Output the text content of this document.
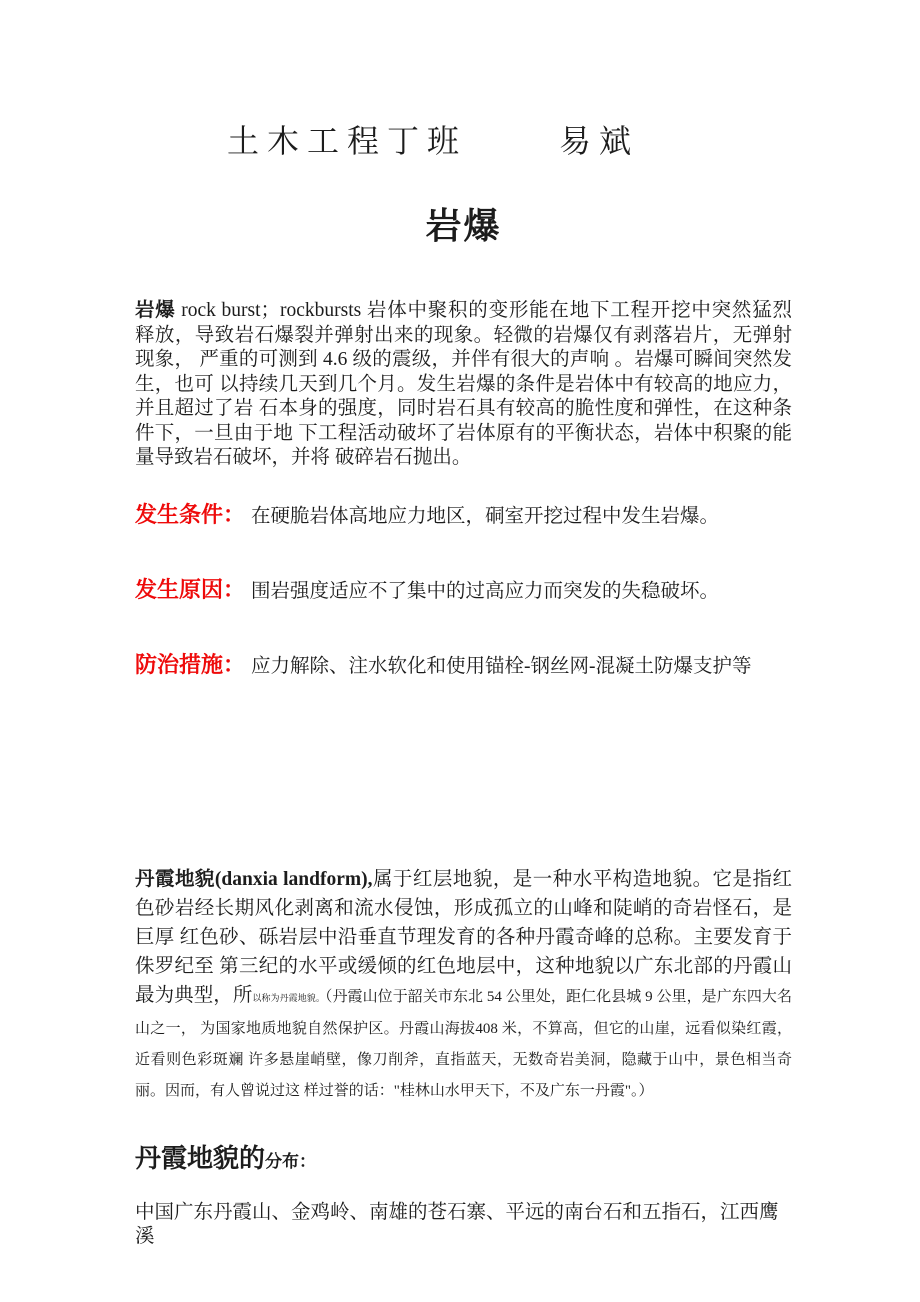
土木工程丁班	易斌
岩爆

岩爆 rock burst；rockbursts 岩体中聚积的变形能在地下工程开挖中突然猛烈释放，导致岩石爆裂并弹射出来的现象。轻微的岩爆仅有剥落岩片，无弹射现象， 严重的可测到 4.6 级的震级，并伴有很大的声响 。岩爆可瞬间突然发生，也可 以持续几天到几个月。发生岩爆的条件是岩体中有较高的地应力，并且超过了岩 石本身的强度，同时岩石具有较高的脆性度和弹性，在这种条件下，一旦由于地 下工程活动破坏了岩体原有的平衡状态，岩体中积聚的能量导致岩石破坏，并将 破碎岩石抛出。

发生条件： 在硬脆岩体高地应力地区，硐室开挖过程中发生岩爆。
发生原因： 围岩强度适应不了集中的过高应力而突发的失稳破坏。
防治措施： 应力解除、注水软化和使用锚栓-钢丝网-混凝土防爆支护等

丹霞地貌(danxia landform),属于红层地貌，是一种水平构造地貌。它是指红 色砂岩经长期风化剥离和流水侵蚀，形成孤立的山峰和陡峭的奇岩怪石，是巨厚 红色砂、砾岩层中沿垂直节理发育的各种丹霞奇峰的总称。主要发育于侏罗纪至 第三纪的水平或缓倾的红色地层中，这种地貌以广东北部的丹霞山最为典型，所以称为丹霞地貌。（丹霞山位于韶关市东北 54 公里处，距仁化县城 9 公里，是广东四大名山之一， 为国家地质地貌自然保护区。丹霞山海拔408 米，不算高，但它的山崖，远看似染红霞，近看则色彩斑斓 许多悬崖峭壁，像刀削斧，直指蓝天，无数奇岩美洞，隐藏于山中，景色相当奇丽。因而，有人曾说过这 样过誉的话："桂林山水甲天下，不及广东一丹霞"。）

丹霞地貌的分布：

中国广东丹霞山、金鸡岭、南雄的苍石寨、平远的南台石和五指石，江西鹰溪
